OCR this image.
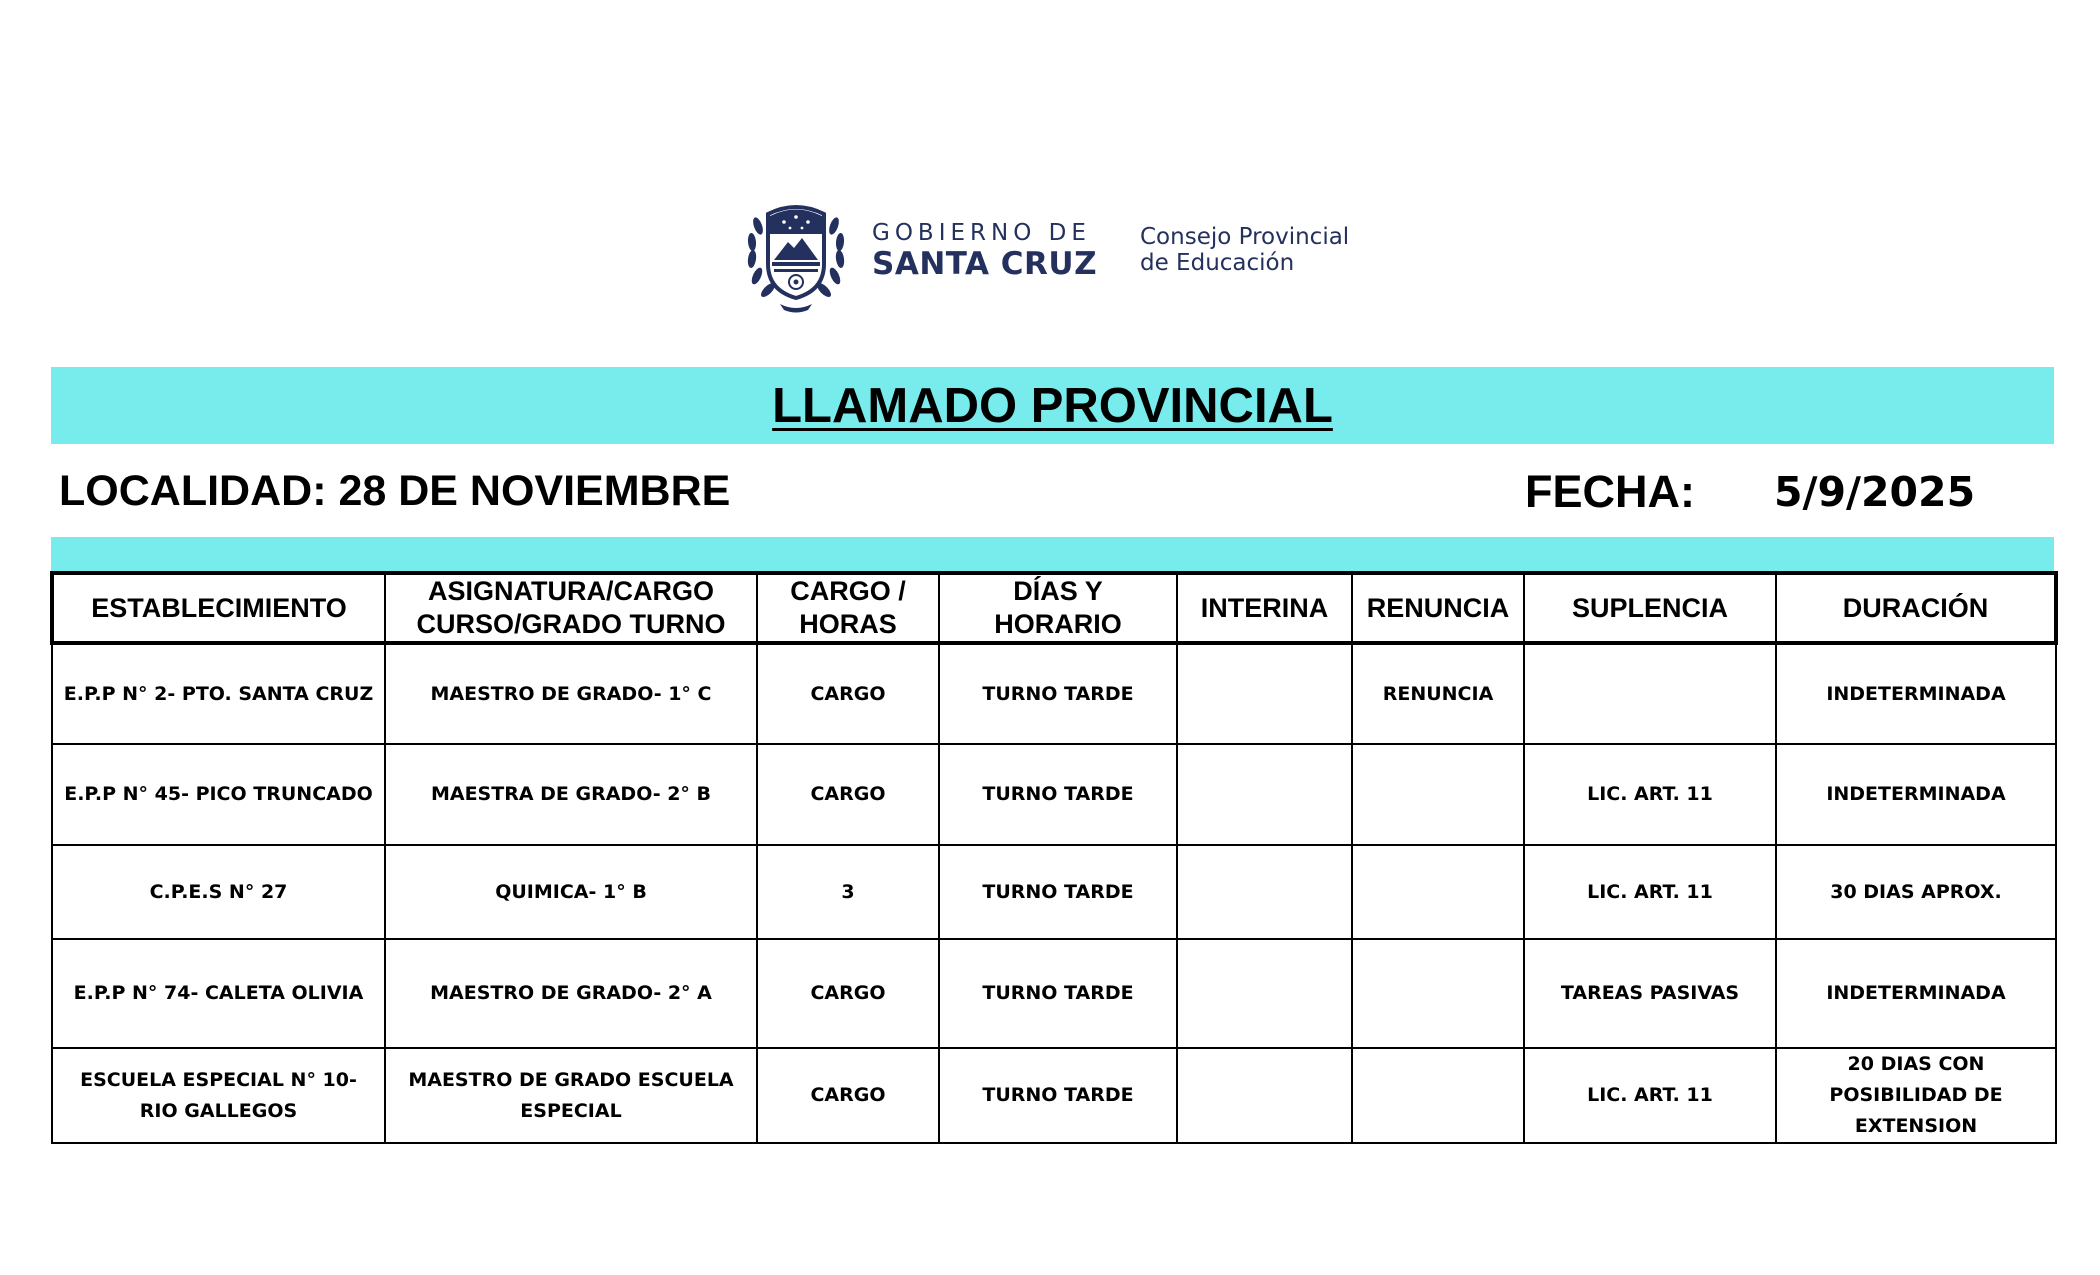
GOBIERNO DE
SANTA CRUZ
Consejo Provincial
de Educación
LLAMADO PROVINCIAL
LOCALIDAD: 28 DE NOVIEMBRE	FECHA: 5/9/2025
ESTABLECIMIENTO	ASIGNATURA/CARGO CURSO/GRADO TURNO	CARGO / HORAS	DÍAS Y HORARIO	INTERINA	RENUNCIA	SUPLENCIA	DURACIÓN
E.P.P N° 2- PTO. SANTA CRUZ	MAESTRO DE GRADO- 1° C	CARGO	TURNO TARDE		RENUNCIA		INDETERMINADA
E.P.P N° 45- PICO TRUNCADO	MAESTRA DE GRADO- 2° B	CARGO	TURNO TARDE			LIC. ART. 11	INDETERMINADA
C.P.E.S N° 27	QUIMICA- 1° B	3	TURNO TARDE			LIC. ART. 11	30 DIAS APROX.
E.P.P N° 74- CALETA OLIVIA	MAESTRO DE GRADO- 2° A	CARGO	TURNO TARDE			TAREAS PASIVAS	INDETERMINADA
ESCUELA ESPECIAL N° 10- RIO GALLEGOS	MAESTRO DE GRADO ESCUELA ESPECIAL	CARGO	TURNO TARDE			LIC. ART. 11	20 DIAS CON POSIBILIDAD DE EXTENSION
